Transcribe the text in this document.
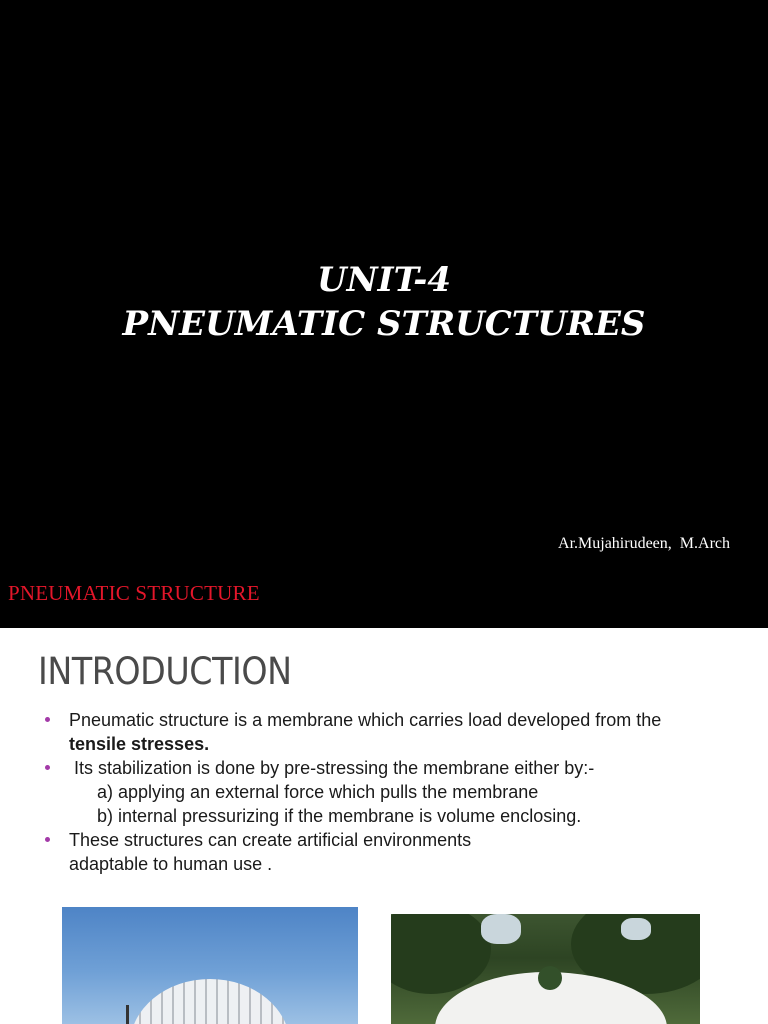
UNIT-4
PNEUMATIC STRUCTURES
Ar.Mujahirudeen,  M.Arch
PNEUMATIC STRUCTURE
INTRODUCTION
Pneumatic structure is a membrane which carries load developed from the
tensile stresses.
Its stabilization is done by pre-stressing the membrane either by:-
a) applying an external force which pulls the membrane
b) internal pressurizing if the membrane is volume enclosing.
These structures can create artificial environments
adaptable to human use .
